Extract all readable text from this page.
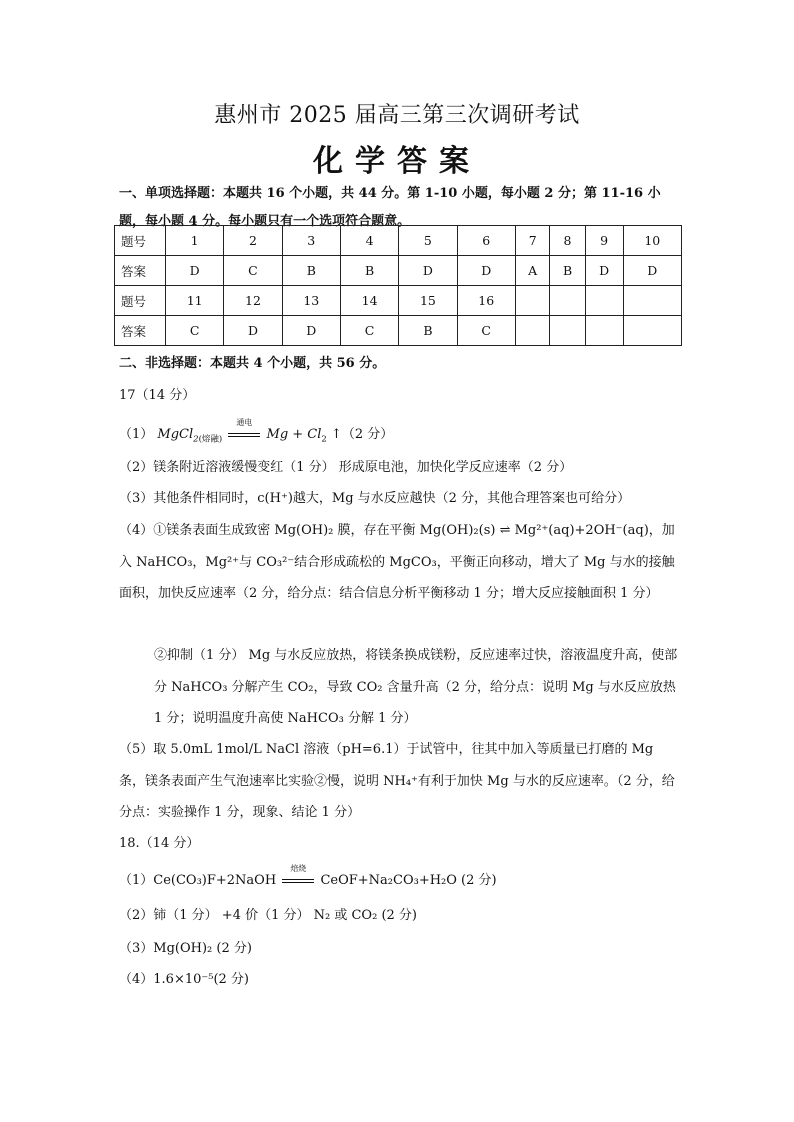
惠州市 2025 届高三第三次调研考试
化学答案
一、单项选择题：本题共 16 个小题，共 44 分。第 1-10 小题，每小题 2 分；第 11-16 小题，每小题 4 分。每小题只有一个选项符合题意。
题号	1	2	3	4	5	6	7	8	9	10
答案	D	C	B	B	D	D	A	B	D	D
题号	11	12	13	14	15	16				
答案	C	D	D	C	B	C				
二、非选择题：本题共 4 个小题，共 56 分。
17（14 分）
（1） MgCl$_{2(熔融)}$
通电
$Mg + Cl_2$ ↑（2 分）
（2）镁条附近溶液缓慢变红（1 分） 形成原电池，加快化学反应速率（2 分）
（3）其他条件相同时，c(H⁺)越大，Mg 与水反应越快（2 分，其他合理答案也可给分）
（4）①镁条表面生成致密 Mg(OH)₂ 膜，存在平衡 Mg(OH)₂(s) ⇌ Mg²⁺(aq)+2OH⁻(aq)，加入 NaHCO₃，Mg²⁺与 CO₃²⁻结合形成疏松的 MgCO₃，平衡正向移动，增大了 Mg 与水的接触面积，加快反应速率（2 分，给分点：结合信息分析平衡移动 1 分；增大反应接触面积 1 分）
②抑制（1 分） Mg 与水反应放热，将镁条换成镁粉，反应速率过快，溶液温度升高，使部分 NaHCO₃ 分解产生 CO₂，导致 CO₂ 含量升高（2 分，给分点：说明 Mg 与水反应放热 1 分；说明温度升高使 NaHCO₃ 分解 1 分）
（5）取 5.0mL 1mol/L NaCl 溶液（pH=6.1）于试管中，往其中加入等质量已打磨的 Mg 条，镁条表面产生气泡速率比实验②慢，说明 NH₄⁺有利于加快 Mg 与水的反应速率。（2 分，给分点：实验操作 1 分，现象、结论 1 分）
18.（14 分）
（1）Ce(CO₃)F+2NaOH
焙烧
CeOF+Na₂CO₃+H₂O (2 分)
（2）铈（1 分） +4 价（1 分） N₂ 或 CO₂ (2 分)
（3）Mg(OH)₂ (2 分)
（4）1.6×10⁻⁵(2 分)
